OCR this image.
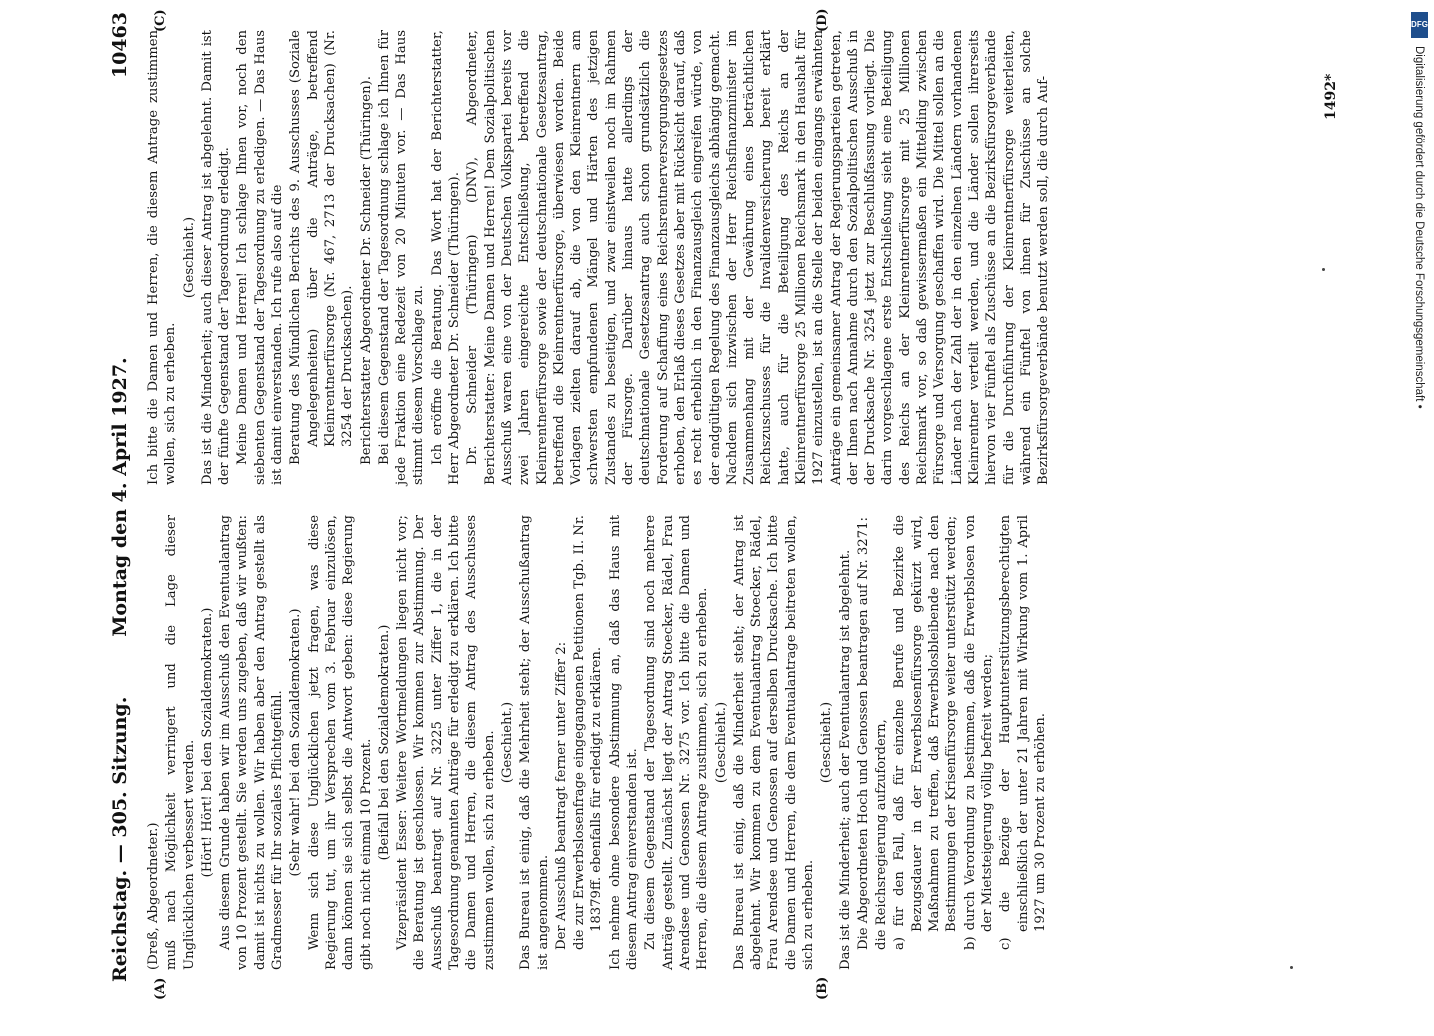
Reichstag. — 305. Sitzung.
Montag den 4. April 1927.
10463
(A)	(B)
(C)	(D)

(Dreß, Abgeordneter.) muß nach Möglichkeit verringert und die Lage dieser Unglücklichen verbessert werden. (Hört! Hört! bei den Sozialdemokraten.) Aus diesem Grunde haben wir im Ausschuß den Eventualantrag von 10 Prozent gestellt. Sie werden uns zugeben, daß wir wußten: damit ist nichts zu wollen. Wir haben aber den Antrag gestellt als Gradmesser für Ihr soziales Pflichtgefühl. (Sehr wahr! bei den Sozialdemokraten.) Wenn sich diese Unglücklichen jetzt fragen, was diese Regierung tut, um ihr Versprechen vom 3. Februar einzulösen, dann können sie sich selbst die Antwort geben: diese Regierung gibt noch nicht einmal 10 Prozent. (Beifall bei den Sozialdemokraten.) Vizepräsident Esser: Weitere Wortmeldungen liegen nicht vor; die Beratung ist geschlossen. Wir kommen zur Abstimmung. Der Ausschuß beantragt auf Nr. 3225 unter Ziffer 1, die in der Tagesordnung genannten Anträge für erledigt zu erklären. Ich bitte die Damen und Herren, die diesem Antrag des Ausschusses zustimmen wollen, sich zu erheben. (Geschieht.) Das Bureau ist einig, daß die Mehrheit steht; der Ausschußantrag ist angenommen. Der Ausschuß beantragt ferner unter Ziffer 2: die zur Erwerbslosenfrage eingegangenen Petitionen Tgb. II. Nr. 18379ff. ebenfalls für erledigt zu erklären. Ich nehme ohne besondere Abstimmung an, daß das Haus mit diesem Antrag einverstanden ist. Zu diesem Gegenstand der Tagesordnung sind noch mehrere Anträge gestellt. Zunächst liegt der Antrag Stoecker, Rädel, Frau Arendsee und Genossen Nr. 3275 vor. Ich bitte die Damen und Herren, die diesem Antrage zustimmen, sich zu erheben. (Geschieht.) Das Bureau ist einig, daß die Minderheit steht; der Antrag ist abgelehnt. Wir kommen zu dem Eventualantrag Stoecker, Rädel, Frau Arendsee und Genossen auf derselben Drucksache. Ich bitte die Damen und Herren, die dem Eventualantrage beitreten wollen, sich zu erheben.

(Geschieht.) Das ist die Minderheit; auch der Eventualantrag ist abgelehnt. Die Abgeordneten Hoch und Genossen beantragen auf Nr. 3271: die Reichsregierung aufzufordern, a) für den Fall, daß für einzelne Berufe und Bezirke die Bezugsdauer in der Erwerbslosenfürsorge gekürzt wird, Maßnahmen zu treffen, daß Erwerbslosbleibende nach den Bestimmungen der Krisenfürsorge weiter unterstützt werden; b) durch Verordnung zu bestimmen, daß die Erwerbslosen von der Mietsteigerung völlig befreit werden; c) die Bezüge der Hauptunterstützungsberechtigten einschließlich der unter 21 Jahren mit Wirkung vom 1. April 1927 um 30 Prozent zu erhöhen.

Ich bitte die Damen und Herren, die diesem Antrage zustimmen wollen, sich zu erheben.

(Geschieht.) Das ist die Minderheit; auch dieser Antrag ist abgelehnt. Damit ist der fünfte Gegenstand der Tagesordnung erledigt. Meine Damen und Herren! Ich schlage Ihnen vor, noch den siebenten Gegenstand der Tagesordnung zu erledigen. — Das Haus ist damit einverstanden. Ich rufe also auf die Beratung des Mündlichen Berichts des 9. Ausschusses (Soziale Angelegenheiten) über die Anträge, betreffend Kleinrentnerfürsorge (Nr. 467, 2713 der Drucksachen) (Nr. 3254 der Drucksachen). Berichterstatter Abgeordneter Dr. Schneider (Thüringen). Bei diesem Gegenstand der Tagesordnung schlage ich Ihnen für jede Fraktion eine Redezeit von 20 Minuten vor. — Das Haus stimmt diesem Vorschlage zu. Ich eröffne die Beratung. Das Wort hat der Berichterstatter, Herr Abgeordneter Dr. Schneider (Thüringen). Dr. Schneider (Thüringen) (DNV), Abgeordneter, Berichterstatter: Meine Damen und Herren! Dem Sozialpolitischen Ausschuß waren eine von der Deutschen Volkspartei bereits vor zwei Jahren eingereichte Entschließung, betreffend die Kleinrentnerfürsorge sowie der deutschnationale Gesetzesantrag, betreffend die Kleinrentnerfürsorge, überwiesen worden. Beide Vorlagen zielten darauf ab, die von den Kleinrentnern am schwersten empfundenen Mängel und Härten des jetzigen Zustandes zu beseitigen, und zwar einstweilen noch im Rahmen der Fürsorge. Darüber hinaus hatte allerdings der deutschnationale Gesetzesantrag auch schon grundsätzlich die Forderung auf Schaffung eines Reichsrentnerversorgungsgesetzes erhoben, den Erlaß dieses Gesetzes aber mit Rücksicht darauf, daß es recht erheblich in den Finanzausgleich eingreifen würde, von der endgültigen Regelung des Finanzausgleichs abhängig gemacht. Nachdem sich inzwischen der Herr Reichsfinanzminister im Zusammenhang mit der Gewährung eines beträchtlichen Reichszuschusses für die Invalidenversicherung bereit erklärt hatte, auch für die Beteiligung des Reichs an der Kleinrentnerfürsorge 25 Millionen Reichsmark in den Haushalt für 1927 einzustellen, ist an die Stelle der beiden eingangs erwähnten Anträge ein gemeinsamer Antrag der Regierungsparteien getreten, der Ihnen nach Annahme durch den Sozialpolitischen Ausschuß in der Drucksache Nr. 3254 jetzt zur Beschlußfassung vorliegt. Die darin vorgeschlagene erste Entschließung sieht eine Beteiligung des Reichs an der Kleinrentnerfürsorge mit 25 Millionen Reichsmark vor, so daß gewissermaßen ein Mittelding zwischen Fürsorge und Versorgung geschaffen wird. Die Mittel sollen an die Länder nach der Zahl der in den einzelnen Ländern vorhandenen Kleinrentner verteilt werden, und die Länder sollen ihrerseits hiervon vier Fünftel als Zuschüsse an die Bezirksfürsorgeverbände für die Durchführung der Kleinrentnerfürsorge weiterleiten, während ein Fünftel von ihnen für Zuschüsse an solche Bezirksfürsorgeverbände benutzt werden soll, die durch Auf-	1492*
DFG
Digitalisierung gefördert durch die Deutsche Forschungsgemeinschaft •
